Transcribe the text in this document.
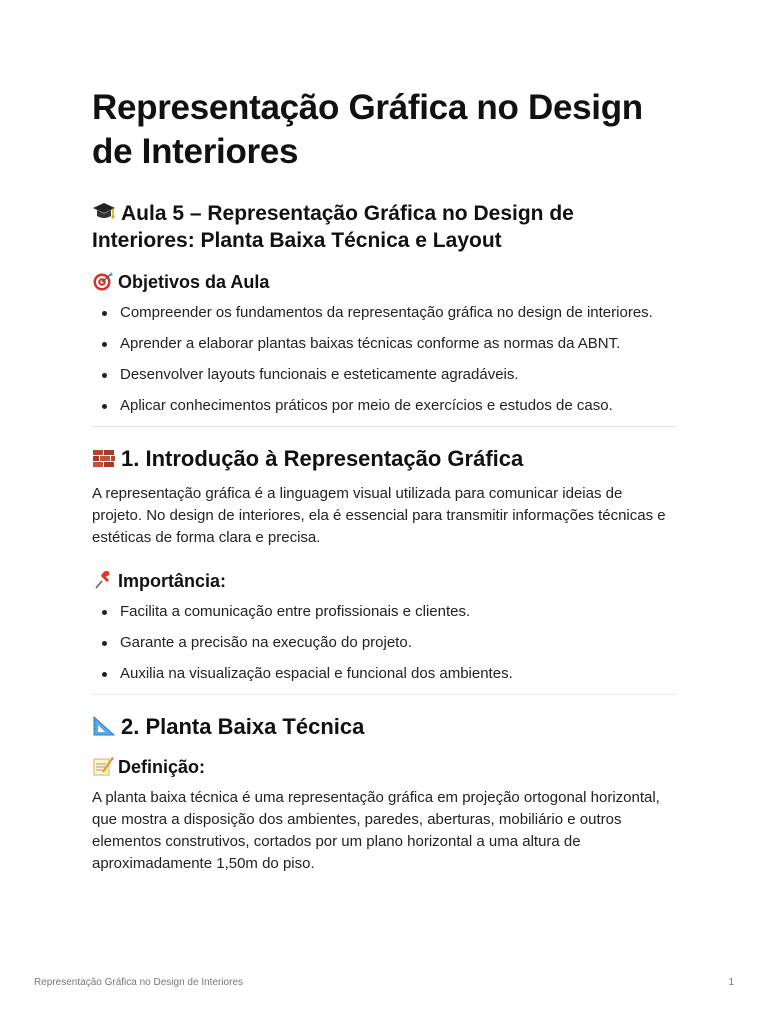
Representação Gráfica no Design de Interiores
Aula 5 – Representação Gráfica no Design de Interiores: Planta Baixa Técnica e Layout
Objetivos da Aula
Compreender os fundamentos da representação gráfica no design de interiores.
Aprender a elaborar plantas baixas técnicas conforme as normas da ABNT.
Desenvolver layouts funcionais e esteticamente agradáveis.
Aplicar conhecimentos práticos por meio de exercícios e estudos de caso.
1. Introdução à Representação Gráfica

A representação gráfica é a linguagem visual utilizada para comunicar ideias de projeto. No design de interiores, ela é essencial para transmitir informações técnicas e estéticas de forma clara e precisa.

Importância:
Facilita a comunicação entre profissionais e clientes.
Garante a precisão na execução do projeto.
Auxilia na visualização espacial e funcional dos ambientes.
2. Planta Baixa Técnica
Definição:

A planta baixa técnica é uma representação gráfica em projeção ortogonal horizontal, que mostra a disposição dos ambientes, paredes, aberturas, mobiliário e outros elementos construtivos, cortados por um plano horizontal a uma altura de aproximadamente 1,50m do piso.

Representação Gráfica no Design de Interiores	1
